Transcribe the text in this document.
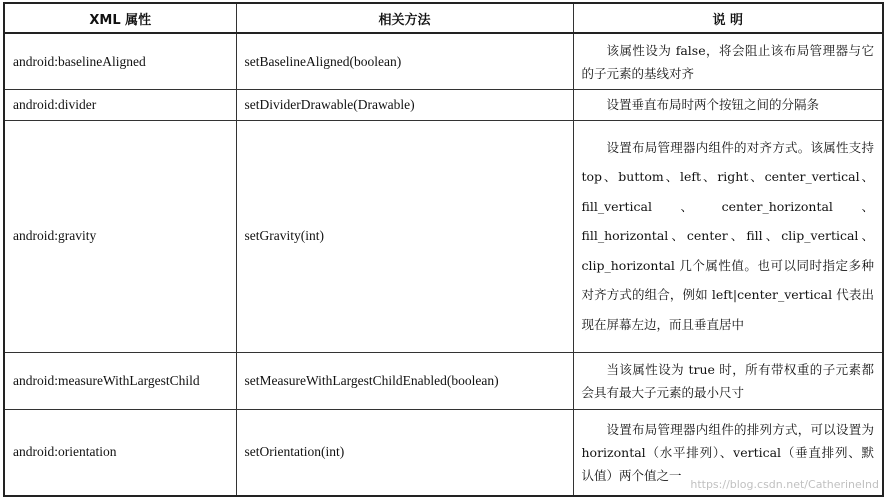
XML 属性	相关方法	说 明
android:baselineAligned	setBaselineAligned(boolean)	该属性设为 false，将会阻止该布局管理器与它的子元素的基线对齐
android:divider	setDividerDrawable(Drawable)	设置垂直布局时两个按钮之间的分隔条
android:gravity	setGravity(int)	设置布局管理器内组件的对齐方式。该属性支持 top、buttom、left、right、center_vertical、fill_vertical、center_horizontal、fill_horizontal、center、fill、clip_vertical、clip_horizontal 几个属性值。也可以同时指定多种对齐方式的组合，例如 left|center_vertical 代表出现在屏幕左边，而且垂直居中
android:measureWithLargestChild	setMeasureWithLargestChildEnabled(boolean)	当该属性设为 true 时，所有带权重的子元素都会具有最大子元素的最小尺寸
android:orientation	setOrientation(int)	设置布局管理器内组件的排列方式，可以设置为 horizontal（水平排列）、vertical（垂直排列、默认值）两个值之一
https://blog.csdn.net/CatherineInd
